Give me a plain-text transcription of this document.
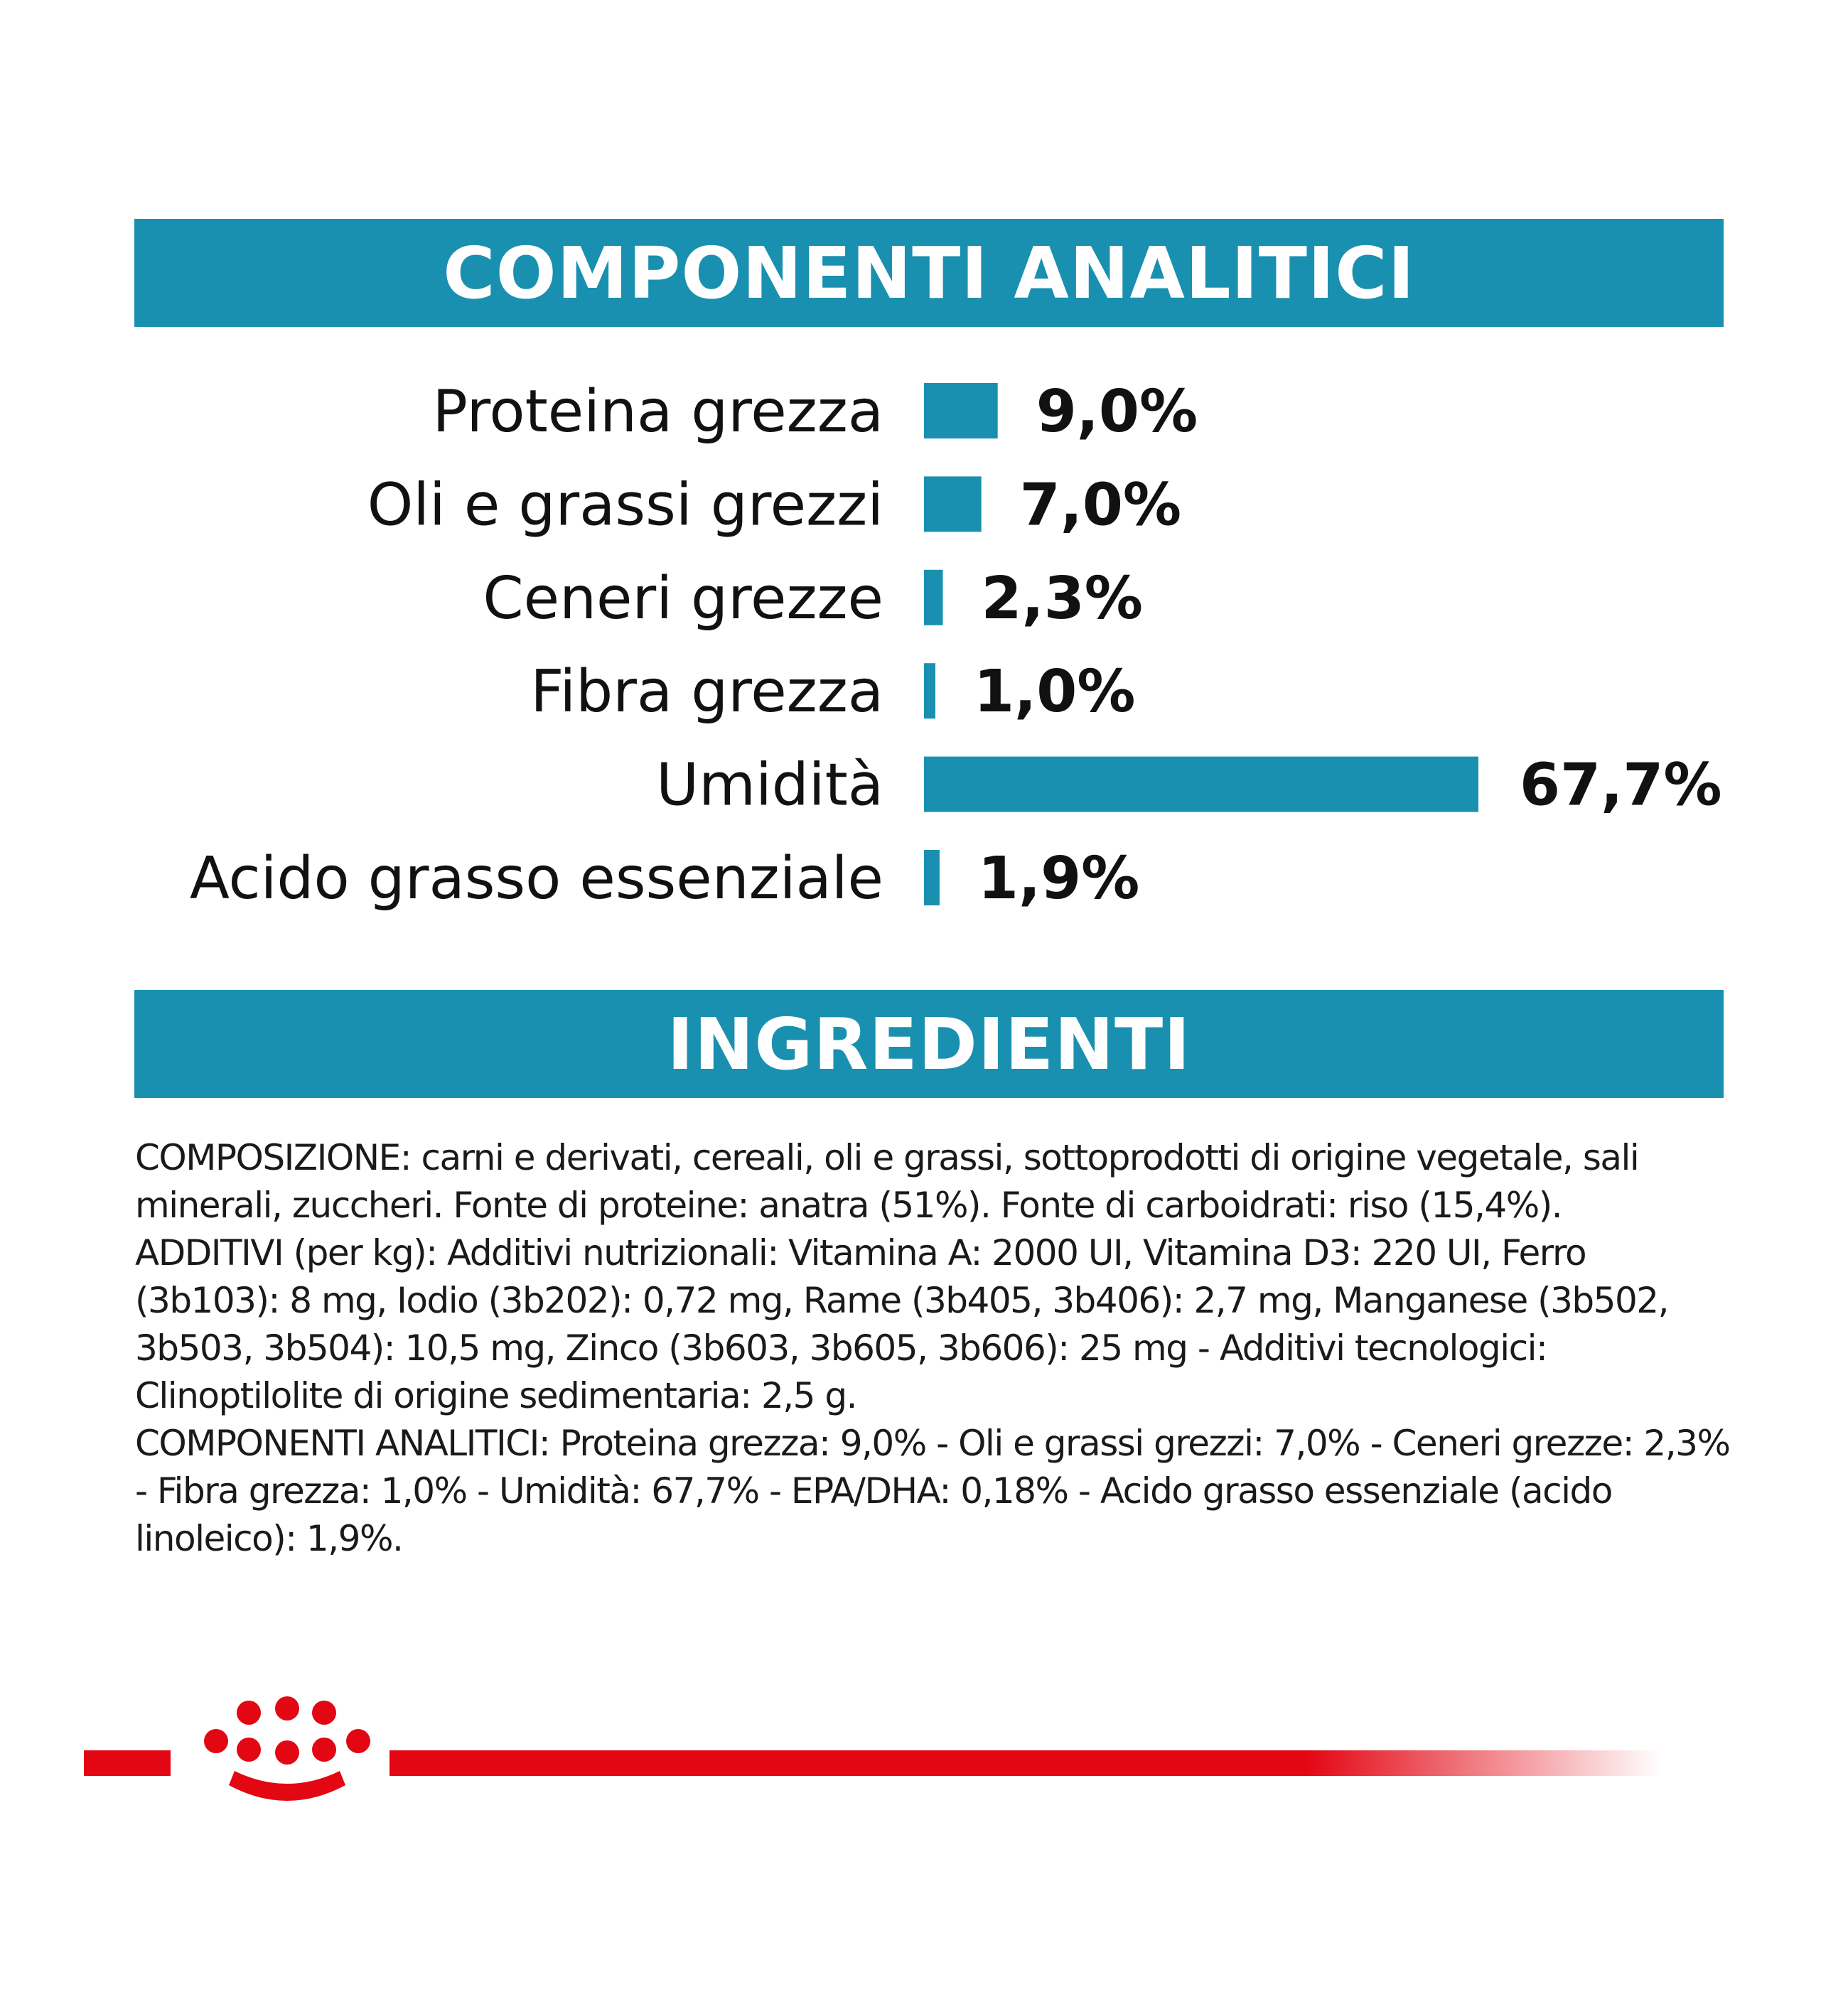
COMPONENTI ANALITICI
Proteina grezza	9,0%
Oli e grassi grezzi 7,0%
Ceneri grezze 2,3%
Fibra grezza 1,0%
Umidità	67,7%
Acido grasso essenziale 1,9%
INGREDIENTI

COMPOSIZIONE: carni e derivati, cereali, oli e grassi, sottoprodotti di origine vegetale, sali minerali, zuccheri. Fonte di proteine: anatra (51%). Fonte di carboidrati: riso (15,4%).

ADDITIVI (per kg): Additivi nutrizionali: Vitamina A: 2000 UI, Vitamina D3: 220 UI, Ferro (3b103): 8 mg, Iodio (3b202): 0,72 mg, Rame (3b405, 3b406): 2,7 mg, Manganese (3b502, 3b503, 3b504): 10,5 mg, Zinco (3b603, 3b605, 3b606): 25 mg - Additivi tecnologici: Clinoptilolite di origine sedimentaria: 2,5 g.

COMPONENTI ANALITICI: Proteina grezza: 9,0% - Oli e grassi grezzi: 7,0% - Ceneri grezze: 2,3% - Fibra grezza: 1,0% - Umidità: 67,7% - EPA/DHA: 0,18% - Acido grasso essenziale (acido linoleico): 1,9%.
